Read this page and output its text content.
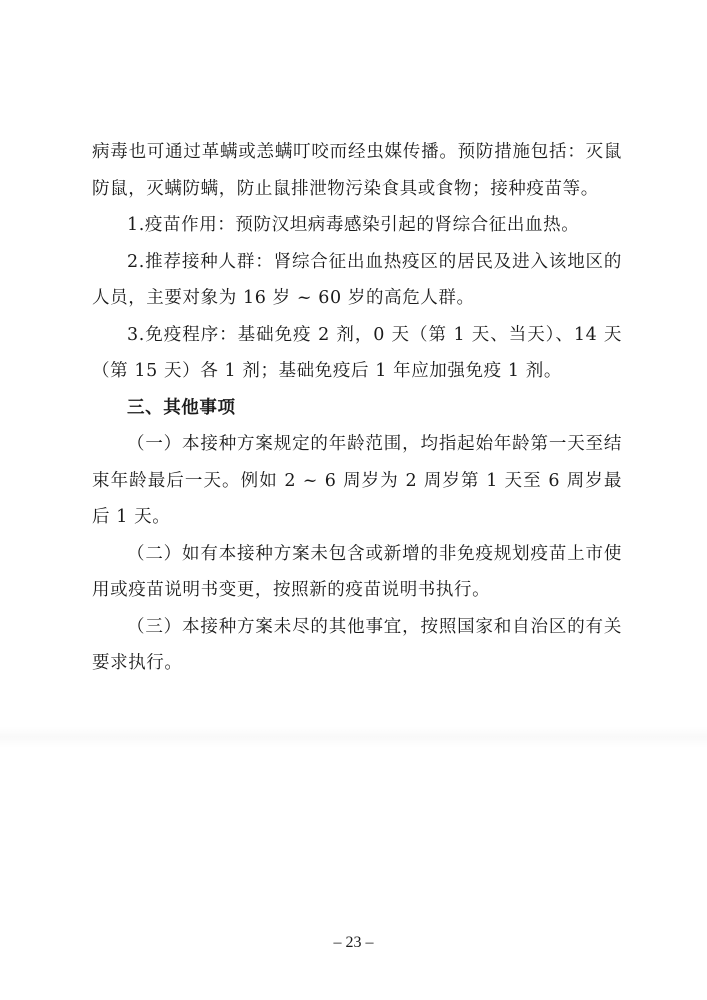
病毒也可通过革螨或恙螨叮咬而经虫媒传播。预防措施包括：灭鼠防鼠，灭螨防螨，防止鼠排泄物污染食具或食物；接种疫苗等。

1.疫苗作用：预防汉坦病毒感染引起的肾综合征出血热。

2.推荐接种人群：肾综合征出血热疫区的居民及进入该地区的人员，主要对象为 16 岁 ~ 60 岁的高危人群。

3.免疫程序：基础免疫 2 剂，0 天（第 1 天、当天）、14 天（第 15 天）各 1 剂；基础免疫后 1 年应加强免疫 1 剂。

三、其他事项

（一）本接种方案规定的年龄范围，均指起始年龄第一天至结束年龄最后一天。例如 2 ~ 6 周岁为 2 周岁第 1 天至 6 周岁最后 1 天。

（二）如有本接种方案未包含或新增的非免疫规划疫苗上市使用或疫苗说明书变更，按照新的疫苗说明书执行。

（三）本接种方案未尽的其他事宜，按照国家和自治区的有关要求执行。

– 23 –
